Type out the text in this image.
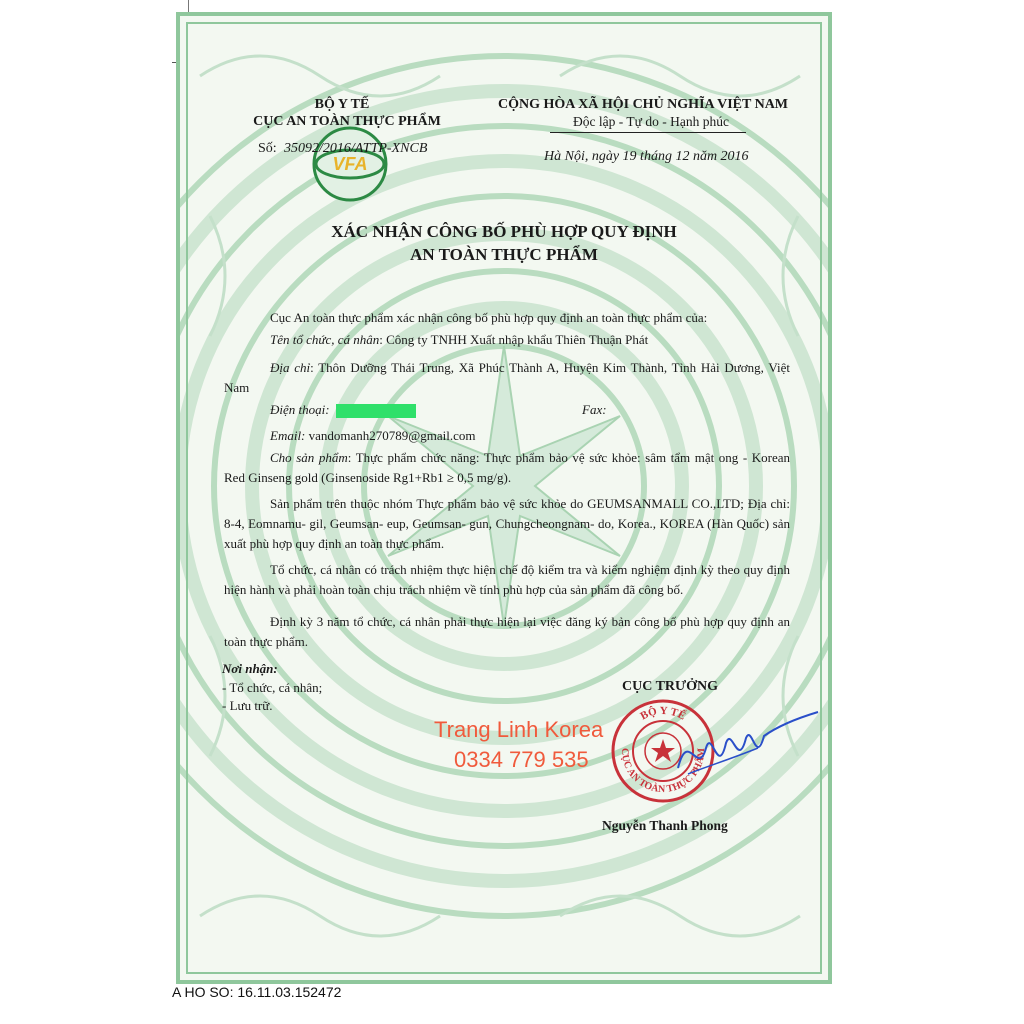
VFA
BỘ Y TẾ
CỤC AN TOÀN THỰC PHẨM
Số: 35092/2016/ATTP-XNCB
CỘNG HÒA XÃ HỘI CHỦ NGHĨA VIỆT NAM
Độc lập - Tự do - Hạnh phúc
Hà Nội, ngày 19 tháng 12 năm 2016
XÁC NHẬN CÔNG BỐ PHÙ HỢP QUY ĐỊNH
AN TOÀN THỰC PHẨM
Cục An toàn thực phẩm xác nhận công bố phù hợp quy định an toàn thực phẩm của:
Tên tổ chức, cá nhân: Công ty TNHH Xuất nhập khẩu Thiên Thuận Phát
Địa chỉ: Thôn Dưỡng Thái Trung, Xã Phúc Thành A, Huyện Kim Thành, Tỉnh Hải Dương, Việt Nam
Điện thoại:	Fax:
Email: vandomanh270789@gmail.com
Cho sản phẩm: Thực phẩm chức năng: Thực phẩm bảo vệ sức khỏe: sâm tẩm mật ong - Korean Red Ginseng gold (Ginsenoside Rg1+Rb1 ≥ 0,5 mg/g).
Sản phẩm trên thuộc nhóm Thực phẩm bảo vệ sức khỏe do GEUMSANMALL CO.,LTD; Địa chỉ: 8-4, Eomnamu- gil, Geumsan- eup, Geumsan- gun, Chungcheongnam- do, Korea., KOREA (Hàn Quốc) sản xuất phù hợp quy định an toàn thực phẩm.
Tổ chức, cá nhân có trách nhiệm thực hiện chế độ kiểm tra và kiểm nghiệm định kỳ theo quy định hiện hành và phải hoàn toàn chịu trách nhiệm về tính phù hợp của sản phẩm đã công bố.
Định kỳ 3 năm tổ chức, cá nhân phải thực hiện lại việc đăng ký bản công bố phù hợp quy định an toàn thực phẩm.
Nơi nhận:
- Tổ chức, cá nhân;
- Lưu trữ.
CỤC TRƯỞNG
BỘ Y TẾ
CỤC AN TOÀN THỰC PHẨM
Nguyễn Thanh Phong
Trang Linh Korea
0334 779 535
A HO SO: 16.11.03.152472
